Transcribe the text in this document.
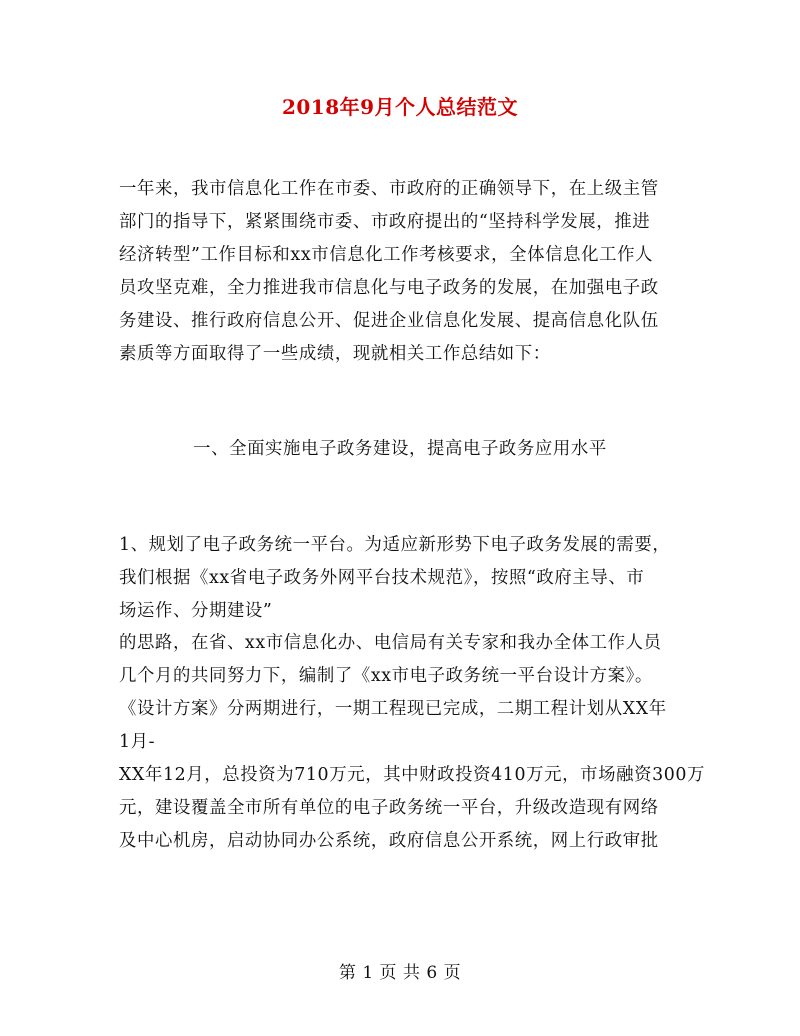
2018年9月个人总结范文
一年来，我市信息化工作在市委、市政府的正确领导下，在上级主管
部门的指导下，紧紧围绕市委、市政府提出的“坚持科学发展，推进
经济转型”工作目标和xx市信息化工作考核要求，全体信息化工作人
员攻坚克难，全力推进我市信息化与电子政务的发展，在加强电子政
务建设、推行政府信息公开、促进企业信息化发展、提高信息化队伍
素质等方面取得了一些成绩，现就相关工作总结如下：
一、全面实施电子政务建设，提高电子政务应用水平
1、规划了电子政务统一平台。为适应新形势下电子政务发展的需要，
我们根据《xx省电子政务外网平台技术规范》，按照“政府主导、市
场运作、分期建设”
的思路，在省、xx市信息化办、电信局有关专家和我办全体工作人员
几个月的共同努力下，编制了《xx市电子政务统一平台设计方案》。
《设计方案》分两期进行，一期工程现已完成，二期工程计划从XX年
1月-
XX年12月，总投资为710万元，其中财政投资410万元，市场融资300万
元，建设覆盖全市所有单位的电子政务统一平台，升级改造现有网络
及中心机房，启动协同办公系统，政府信息公开系统，网上行政审批
第 1 页 共 6 页
